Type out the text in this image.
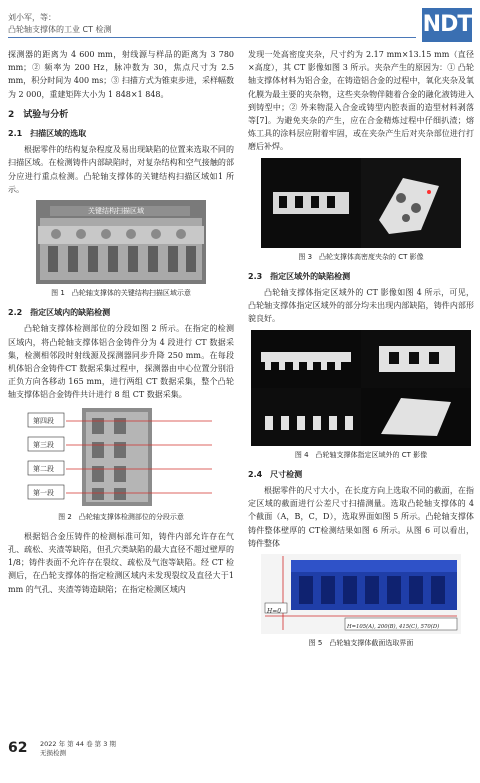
刘小军，等：
凸轮轴支撑体的工业 CT 检测	NDT

探测器的距离为 4 600 mm，射线源与样品的距离为 3 780 mm；② 频率为 200 Hz，脉冲数为 30，焦点尺寸为 2.5 mm，积分时间为 400 ms；③ 扫描方式为锥束步进，采样幅数为 2 000，重建矩阵大小为 1 848×1 848。

2　试验与分析
2.1　扫描区域的选取

根据零件的结构复杂程度及易出现缺陷的位置来选取不同的扫描区域。在检测铸件内部缺陷时，对复杂结构和空气接触的部分应进行重点检测。凸轮轴支撑体的关键结构扫描区域如1 所示。

关键结构扫描区域
图 1　凸轮轴支撑体的关键结构扫描区域示意
2.2　指定区域内的缺陷检测

凸轮轴支撑体检测部位的分段如图 2 所示。在指定的检测区域内，将凸轮轴支撑体铝合金铸件分为 4 段进行 CT 数据采集，检测相邻段时射线源及探测器同步升降 250 mm。在每段机体铝合金铸件CT 数据采集过程中，探测器由中心位置分别沿正负方向各移动 165 mm，进行两组 CT 数据采集，整个凸轮轴支撑体铝合金铸件共计进行 8 组 CT 数据采集。

第四段
第三段
第二段
第一段
图 2　凸轮轴支撑体检测部位的分段示意

根据铝合金压铸件的检测标准可知，铸件内部允许存在气孔、疏松、夹渣等缺陷，但孔穴类缺陷的最大直径不超过壁厚的 1/8；铸件表面不允许存在裂纹、疏松及气泡等缺陷。经 CT 检测后，在凸轮支撑体的指定检测区域内未发现裂纹及直径大于1 mm 的气孔、夹渣等铸造缺陷；在指定检测区域内

发现一处高密度夹杂，尺寸约为 2.17 mm×13.15 mm（直径×高度），其 CT 影像如图 3 所示。夹杂产生的原因为：① 凸轮轴支撑体材料为铝合金，在铸造铝合金的过程中，氧化夹杂及氧化膜为最主要的夹杂物，这些夹杂物伴随着合金的融化液铸进入到铸型中；② 外来物混入合金或铸型内腔表面的造型材料剥落等[7]。为避免夹杂的产生，应在合金精炼过程中仔细扒渣；熔炼工具的涂料层应附着牢固，或在夹杂产生后对夹杂部位进行打磨后补焊。

图 3　凸轮支撑体高密度夹杂的 CT 影像
2.3　指定区域外的缺陷检测

凸轮轴支撑体指定区域外的 CT 影像如图 4 所示，可见，凸轮轴支撑体指定区域外的部分均未出现内部缺陷，铸件内部形貌良好。

图 4　凸轮轴支撑体指定区域外的 CT 影像
2.4　尺寸检测

根据零件的尺寸大小，在长度方向上选取不同的截面，在指定区域的截面进行公差尺寸扫描测量。选取凸轮轴支撑体的 4 个截面（A，B，C，D），选取界面如图 5 所示。凸轮轴支撑体铸件整体壁厚的 CT检测结果如图 6 所示。从图 6 可以看出，铸件整体

H=0
H=105(A), 200(B), 415(C), 570(D)
图 5　凸轮轴支撑体截面选取界面
62 2022 年 第 44 卷 第 3 期
无损检测
